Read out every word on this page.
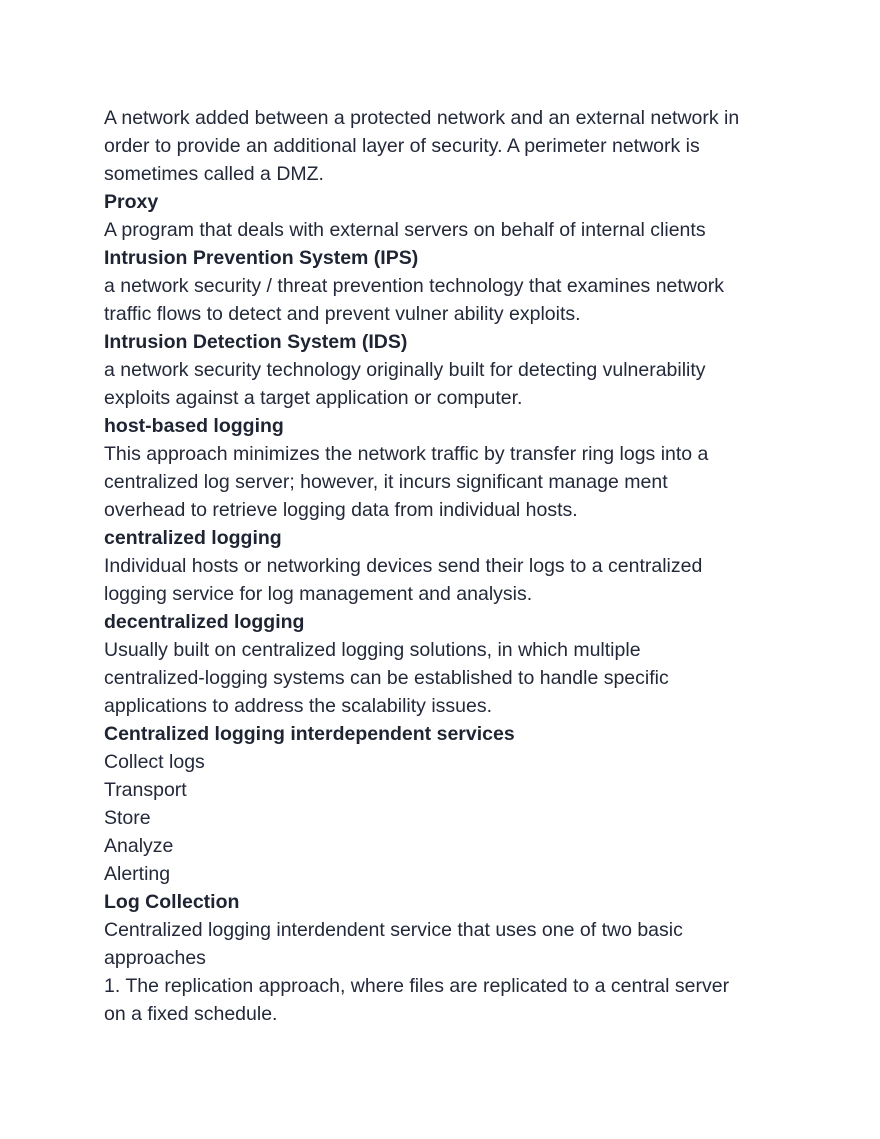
A network added between a protected network and an external network in

order to provide an additional layer of security. A perimeter network is

sometimes called a DMZ.

Proxy

A program that deals with external servers on behalf of internal clients

Intrusion Prevention System (IPS)

a network security / threat prevention technology that examines network

traffic flows to detect and prevent vulner ability exploits.

Intrusion Detection System (IDS)

a network security technology originally built for detecting vulnerability

exploits against a target application or computer.

host-based logging

This approach minimizes the network traffic by transfer ring logs into a

centralized log server; however, it incurs significant manage ment

overhead to retrieve logging data from individual hosts.

centralized logging

Individual hosts or networking devices send their logs to a centralized

logging service for log management and analysis.

decentralized logging

Usually built on centralized logging solutions, in which multiple

centralized-logging systems can be established to handle specific

applications to address the scalability issues.

Centralized logging interdependent services

Collect logs

Transport

Store

Analyze

Alerting

Log Collection

Centralized logging interdendent service that uses one of two basic

approaches

1. The replication approach, where files are replicated to a central server

on a fixed schedule.
